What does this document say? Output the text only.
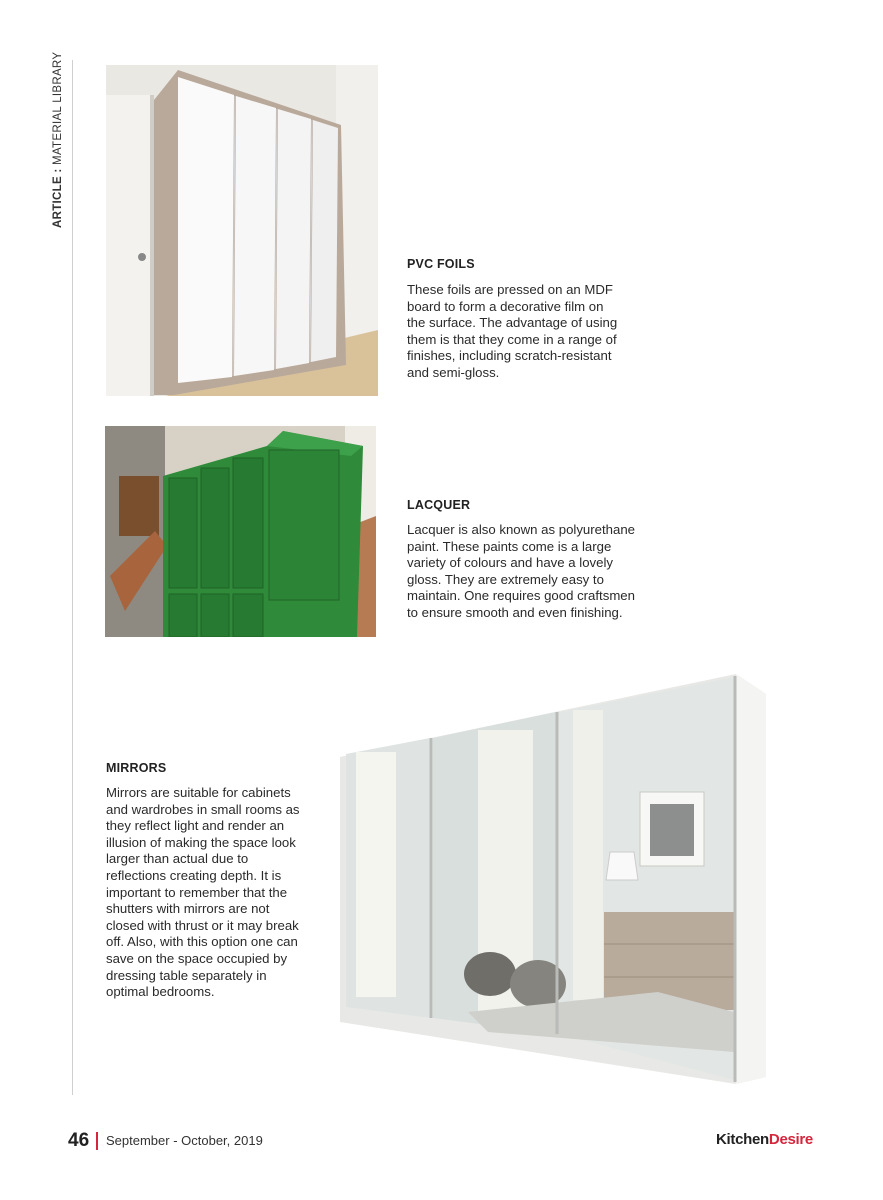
ARTICLE : MATERIAL LIBRARY
PVC FOILS
These foils are pressed on an MDF board to form a decorative film on the surface. The advantage of using them is that they come in a range of finishes, including scratch-resistant and semi-gloss.
LACQUER
Lacquer is also known as polyurethane paint. These paints come is a large variety of colours and have a lovely gloss. They are extremely easy to maintain. One requires good craftsmen to ensure smooth and even finishing.
MIRRORS
Mirrors are suitable for cabinets and wardrobes in small rooms as they reflect light and render an illusion of making the space look larger than actual due to reflections creating depth. It is important to remember that the shutters with mirrors are not closed with thrust or it may break off. Also, with this option one can save on the space occupied by dressing table separately in optimal bedrooms.
46 September - October, 2019	KitchenDesire
